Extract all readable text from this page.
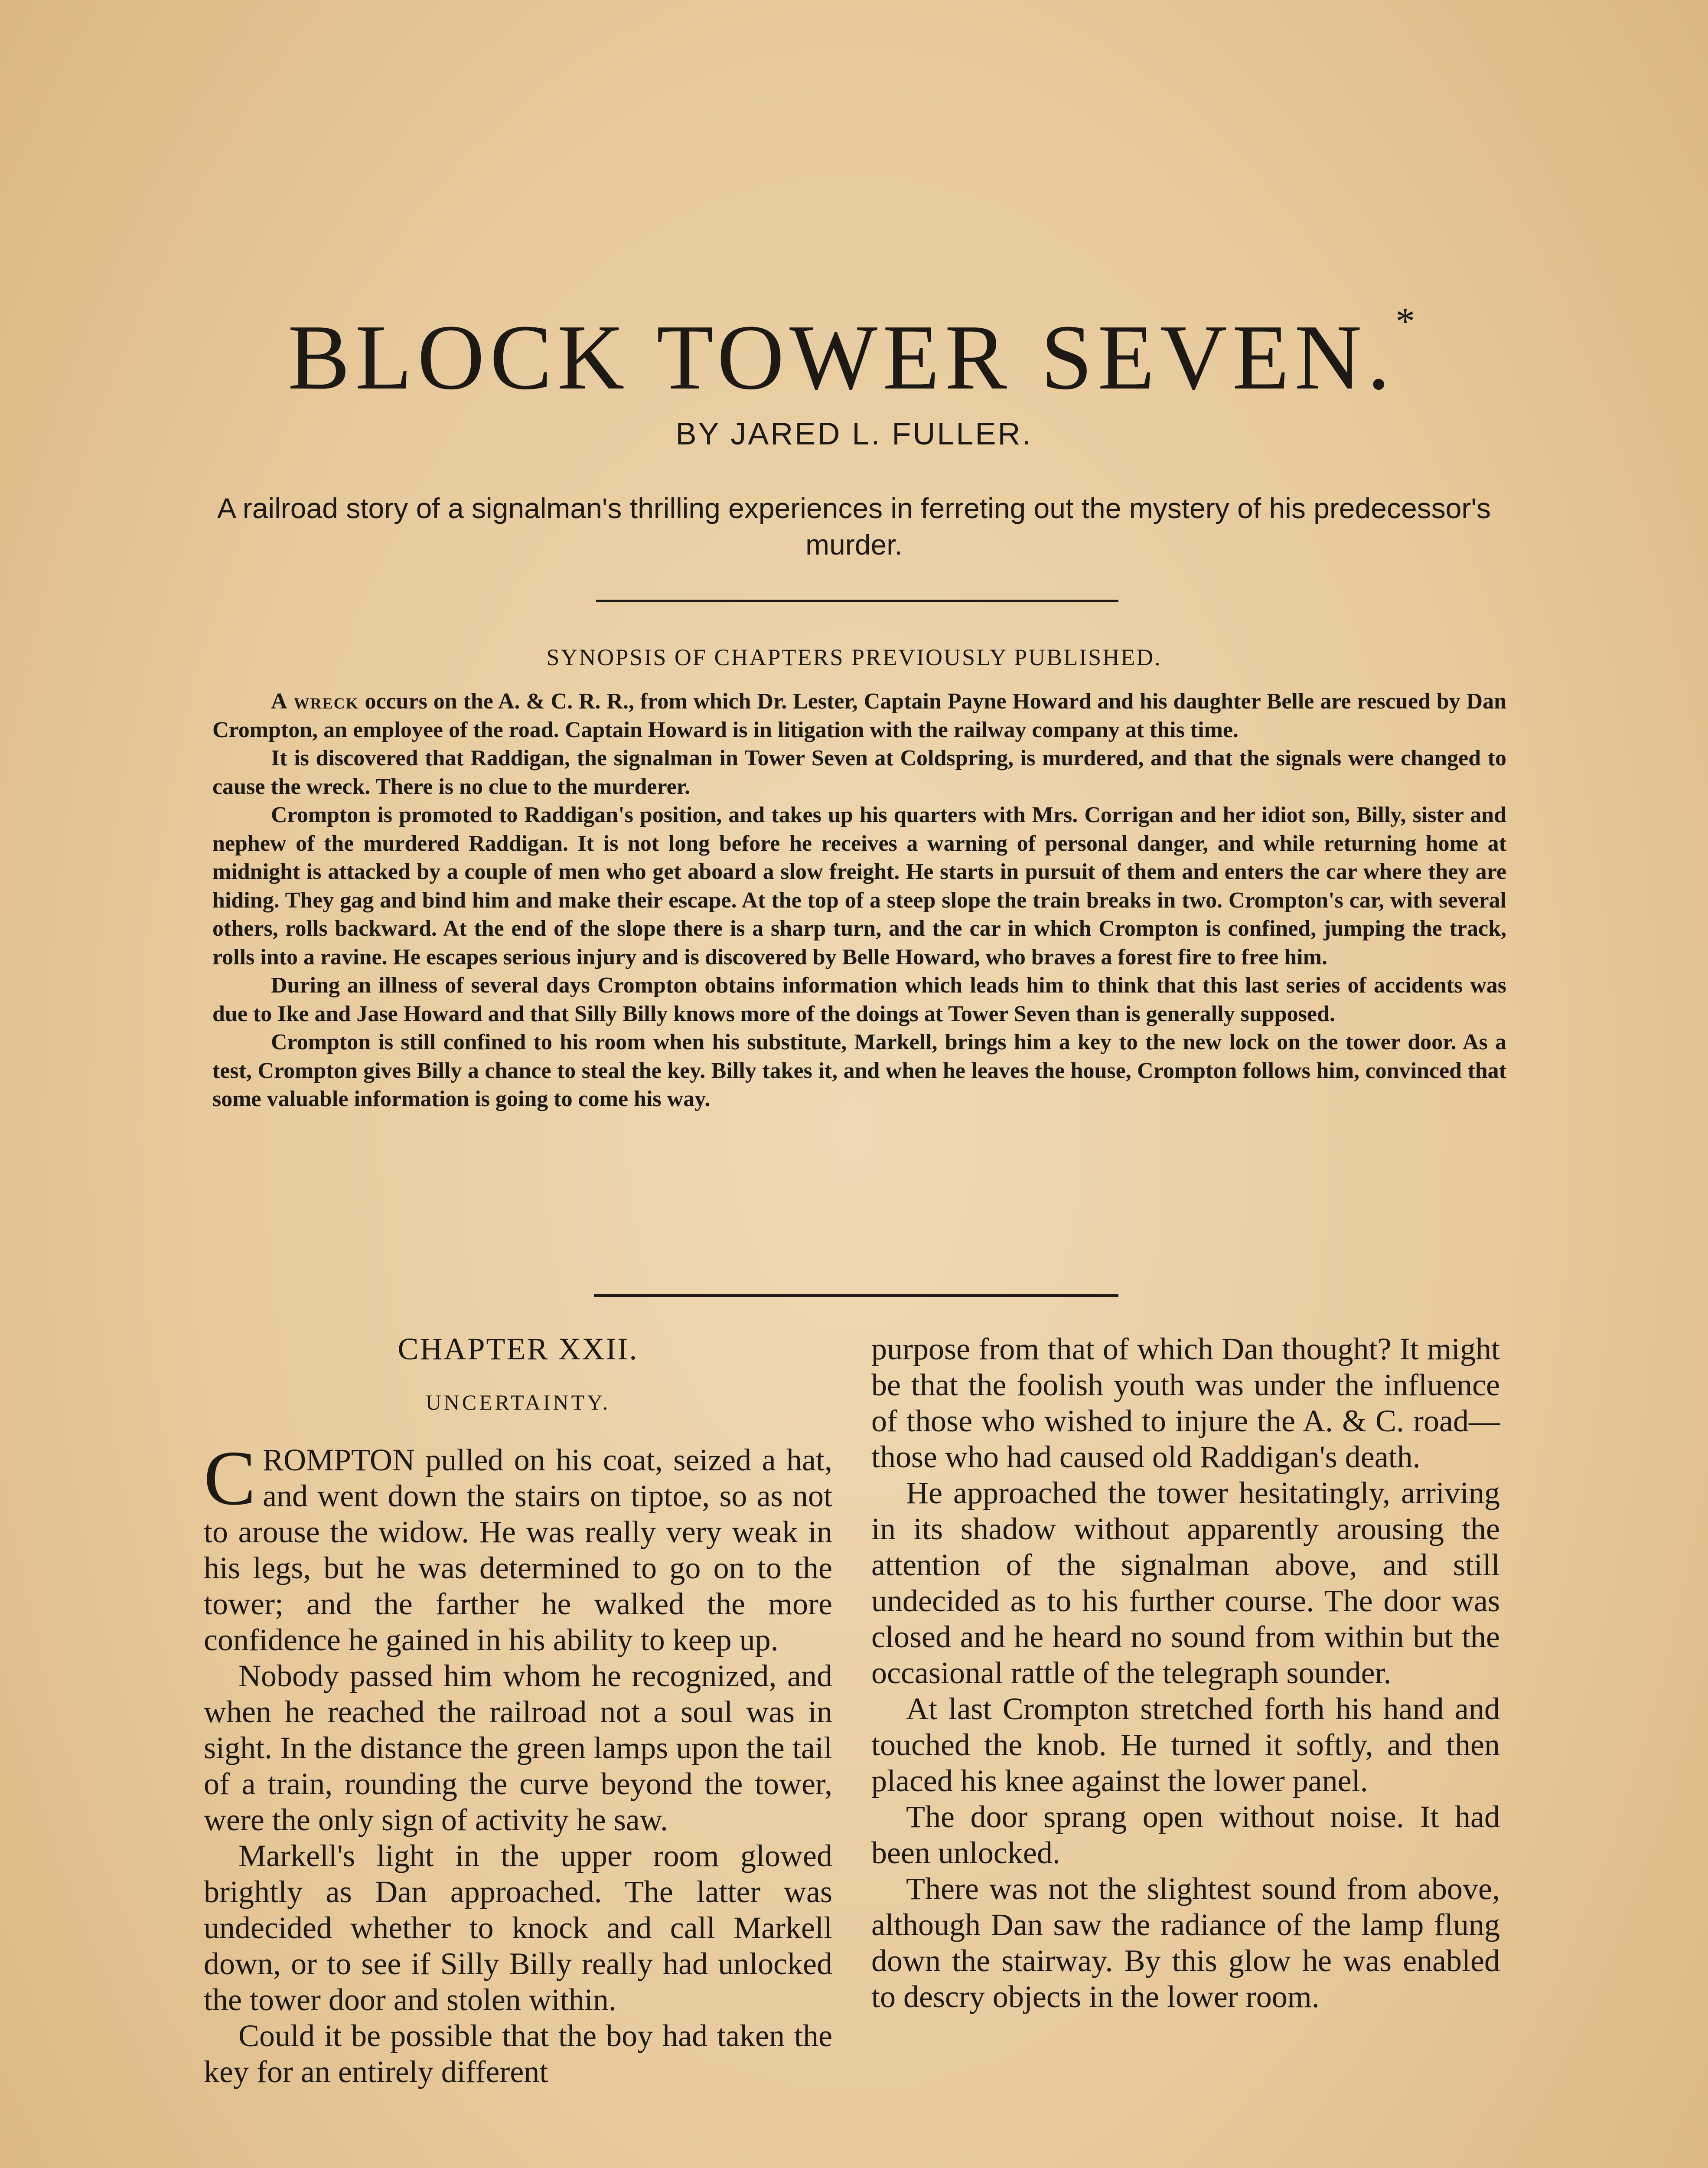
BLOCK TOWER SEVEN.*
BY JARED L. FULLER.
A railroad story of a signalman's thrilling experiences in ferreting out the mystery of his predecessor's murder.
SYNOPSIS OF CHAPTERS PREVIOUSLY PUBLISHED.

A wreck occurs on the A. & C. R. R., from which Dr. Lester, Captain Payne Howard and his daughter Belle are rescued by Dan Crompton, an employee of the road. Captain Howard is in litigation with the railway company at this time.

It is discovered that Raddigan, the signalman in Tower Seven at Coldspring, is murdered, and that the signals were changed to cause the wreck. There is no clue to the murderer.

Crompton is promoted to Raddigan's position, and takes up his quarters with Mrs. Corrigan and her idiot son, Billy, sister and nephew of the murdered Raddigan. It is not long before he receives a warning of personal danger, and while returning home at midnight is attacked by a couple of men who get aboard a slow freight. He starts in pursuit of them and enters the car where they are hiding. They gag and bind him and make their escape. At the top of a steep slope the train breaks in two. Crompton's car, with several others, rolls backward. At the end of the slope there is a sharp turn, and the car in which Crompton is confined, jumping the track, rolls into a ravine. He escapes serious injury and is discovered by Belle Howard, who braves a forest fire to free him.

During an illness of several days Crompton obtains information which leads him to think that this last series of accidents was due to Ike and Jase Howard and that Silly Billy knows more of the doings at Tower Seven than is generally supposed.

Crompton is still confined to his room when his substitute, Markell, brings him a key to the new lock on the tower door. As a test, Crompton gives Billy a chance to steal the key. Billy takes it, and when he leaves the house, Crompton follows him, convinced that some valuable information is going to come his way.

CHAPTER XXII.
UNCERTAINTY.

CROMPTON pulled on his coat, seized a hat, and went down the stairs on tiptoe, so as not to arouse the widow. He was really very weak in his legs, but he was determined to go on to the tower; and the farther he walked the more confidence he gained in his ability to keep up.

Nobody passed him whom he recognized, and when he reached the railroad not a soul was in sight. In the distance the green lamps upon the tail of a train, rounding the curve beyond the tower, were the only sign of activity he saw.

Markell's light in the upper room glowed brightly as Dan approached. The latter was undecided whether to knock and call Markell down, or to see if Silly Billy really had unlocked the tower door and stolen within.

Could it be possible that the boy had taken the key for an entirely different

purpose from that of which Dan thought? It might be that the foolish youth was under the influence of those who wished to injure the A. & C. road—those who had caused old Raddigan's death.

He approached the tower hesitatingly, arriving in its shadow without apparently arousing the attention of the signalman above, and still undecided as to his further course. The door was closed and he heard no sound from within but the occasional rattle of the telegraph sounder.

At last Crompton stretched forth his hand and touched the knob. He turned it softly, and then placed his knee against the lower panel.

The door sprang open without noise. It had been unlocked.

There was not the slightest sound from above, although Dan saw the radiance of the lamp flung down the stairway. By this glow he was enabled to descry objects in the lower room.
